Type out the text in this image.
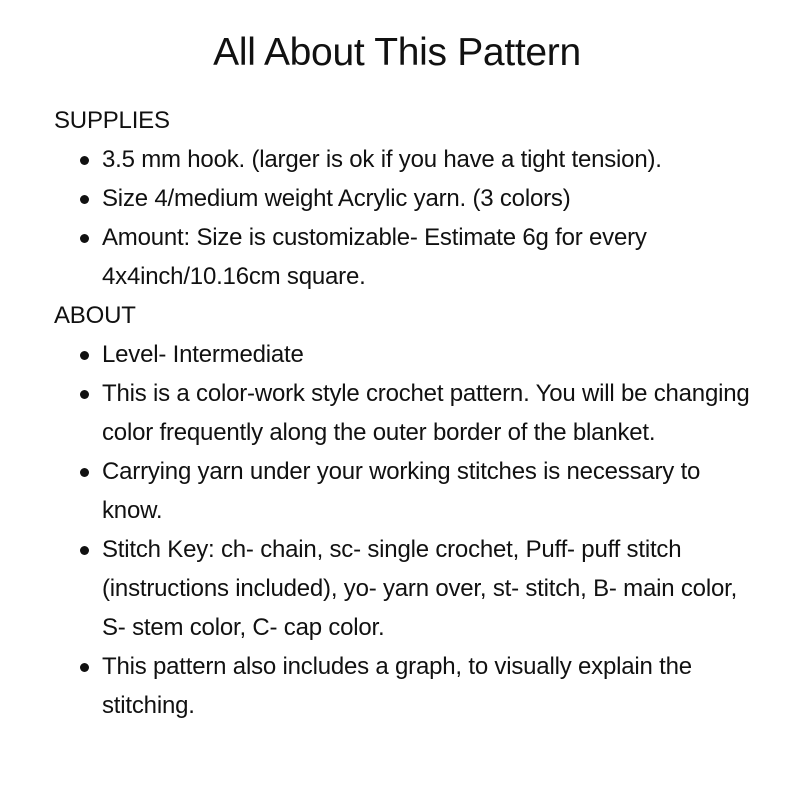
All About This Pattern
SUPPLIES
3.5 mm hook. (larger is ok if you have a tight tension).
Size 4/medium weight Acrylic yarn. (3 colors)
Amount: Size is customizable- Estimate 6g for every 4x4inch/10.16cm square.
ABOUT
Level- Intermediate
This is a color-work style crochet pattern. You will be changing color frequently along the outer border of the blanket.
Carrying yarn under your working stitches is necessary to know.
Stitch Key: ch- chain, sc- single crochet, Puff- puff stitch (instructions included), yo- yarn over, st- stitch, B- main color, S- stem color, C- cap color.
This pattern also includes a graph, to visually explain the stitching.
